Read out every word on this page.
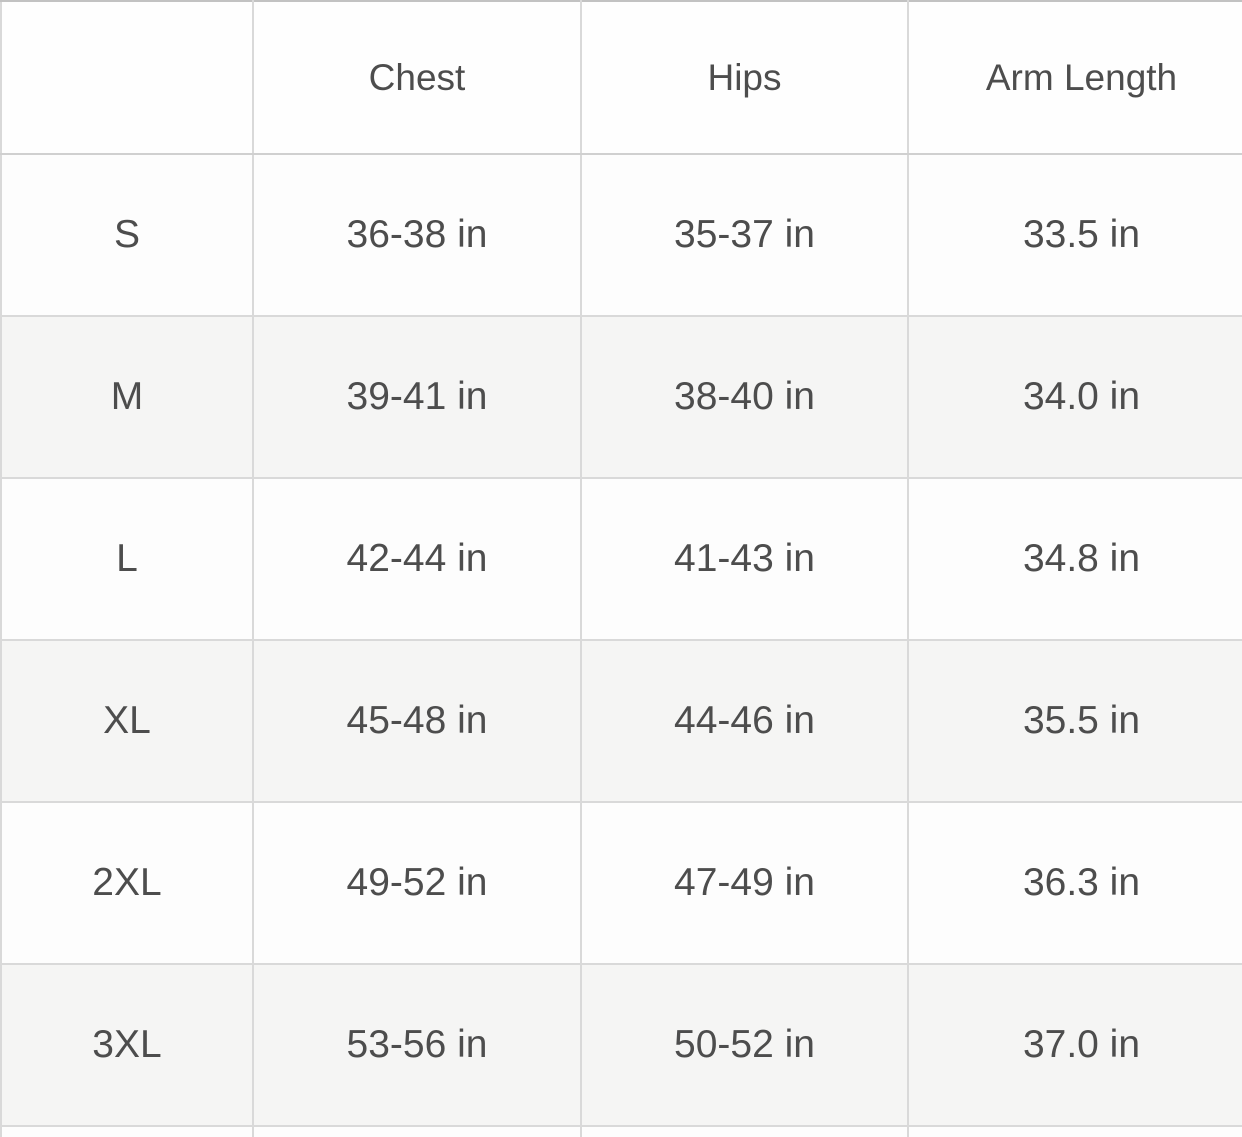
	Chest	Hips	Arm Length
S	36-38 in	35-37 in	33.5 in
M	39-41 in	38-40 in	34.0 in
L	42-44 in	41-43 in	34.8 in
XL	45-48 in	44-46 in	35.5 in
2XL	49-52 in	47-49 in	36.3 in
3XL	53-56 in	50-52 in	37.0 in
